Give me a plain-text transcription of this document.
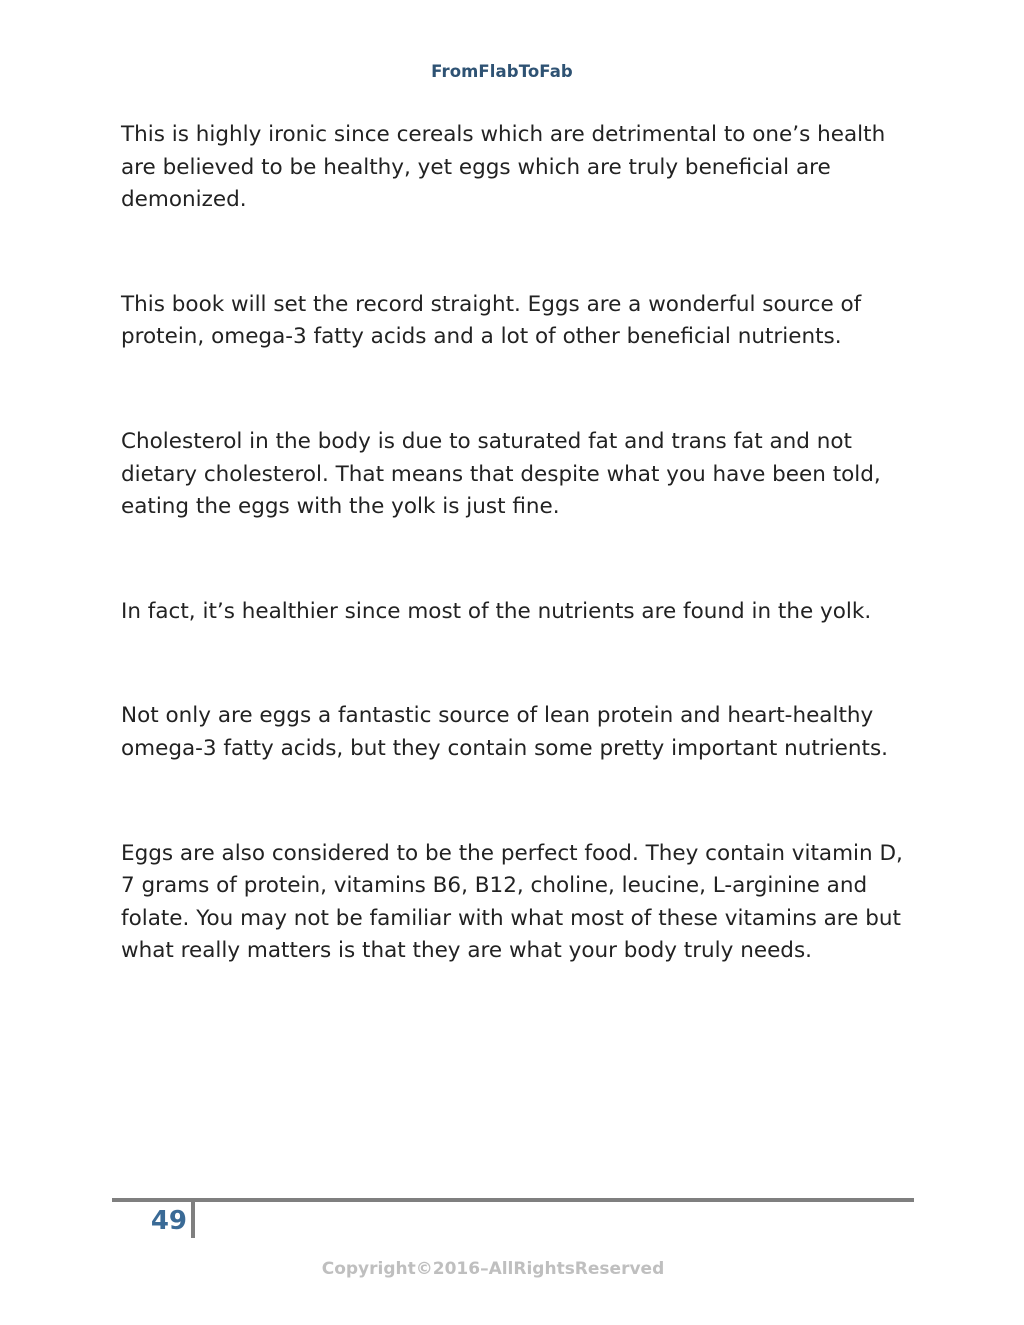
FromFlabToFab

This is highly ironic since cereals which are detrimental to one’s health are believed to be healthy, yet eggs which are truly beneficial are demonized.

This book will set the record straight. Eggs are a wonderful source of protein, omega-3 fatty acids and a lot of other beneficial nutrients.

Cholesterol in the body is due to saturated fat and trans fat and not dietary cholesterol. That means that despite what you have been told, eating the eggs with the yolk is just fine.

In fact, it’s healthier since most of the nutrients are found in the yolk.

Not only are eggs a fantastic source of lean protein and heart-healthy omega-3 fatty acids, but they contain some pretty important nutrients.

Eggs are also considered to be the perfect food. They contain vitamin D, 7 grams of protein, vitamins B6, B12, choline, leucine, L-arginine and folate. You may not be familiar with what most of these vitamins are but what really matters is that they are what your body truly needs.

49
Copyright©2016–AllRightsReserved
